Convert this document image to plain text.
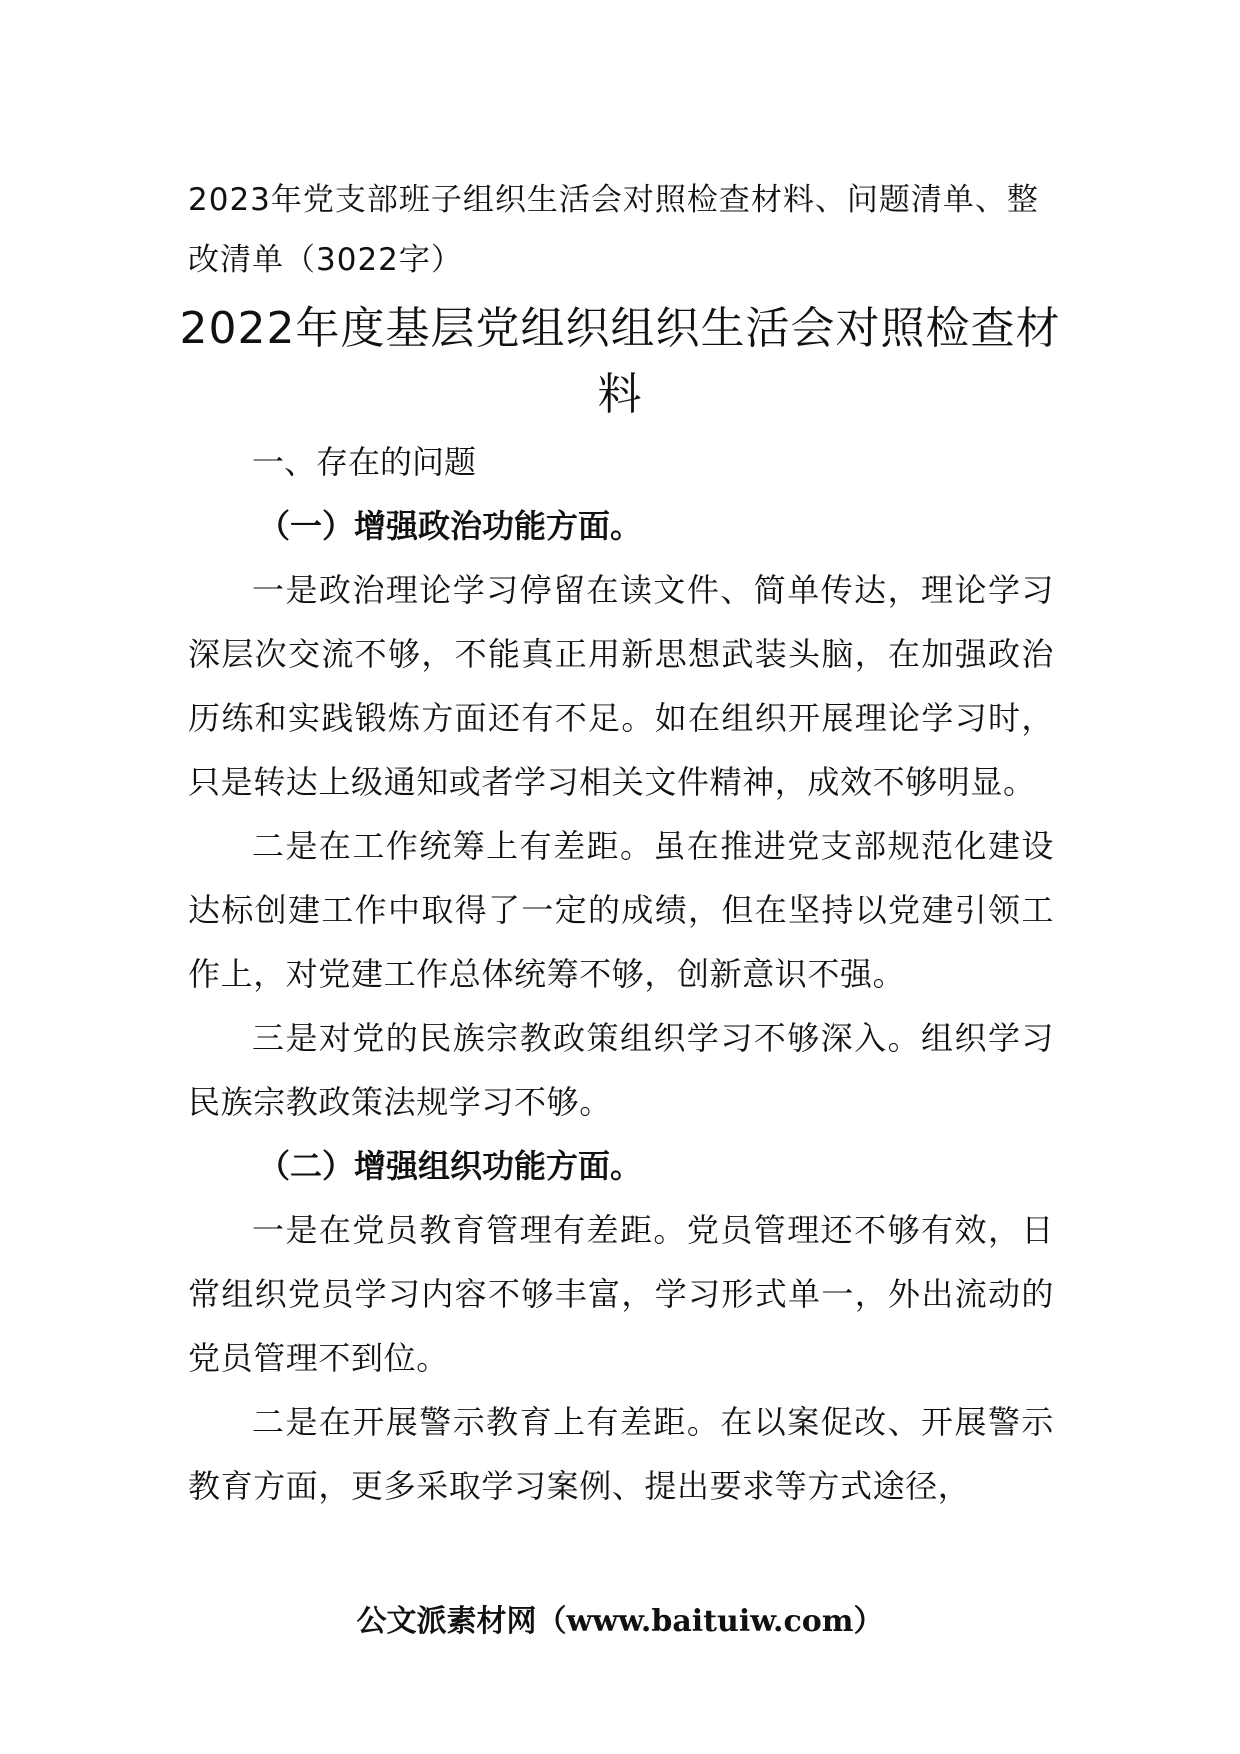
2023年党支部班子组织生活会对照检查材料、问题清单、整改清单（3022字）
2022年度基层党组织组织生活会对照检查材料

一、存在的问题

（一）增强政治功能方面。

一是政治理论学习停留在读文件、简单传达，理论学习深层次交流不够，不能真正用新思想武装头脑，在加强政治历练和实践锻炼方面还有不足。如在组织开展理论学习时，只是转达上级通知或者学习相关文件精神，成效不够明显。

二是在工作统筹上有差距。虽在推进党支部规范化建设达标创建工作中取得了一定的成绩，但在坚持以党建引领工作上，对党建工作总体统筹不够，创新意识不强。

三是对党的民族宗教政策组织学习不够深入。组织学习民族宗教政策法规学习不够。

（二）增强组织功能方面。

一是在党员教育管理有差距。党员管理还不够有效，日常组织党员学习内容不够丰富，学习形式单一，外出流动的党员管理不到位。

二是在开展警示教育上有差距。在以案促改、开展警示教育方面，更多采取学习案例、提出要求等方式途径，

公文派素材网（www.baituiw.com）
